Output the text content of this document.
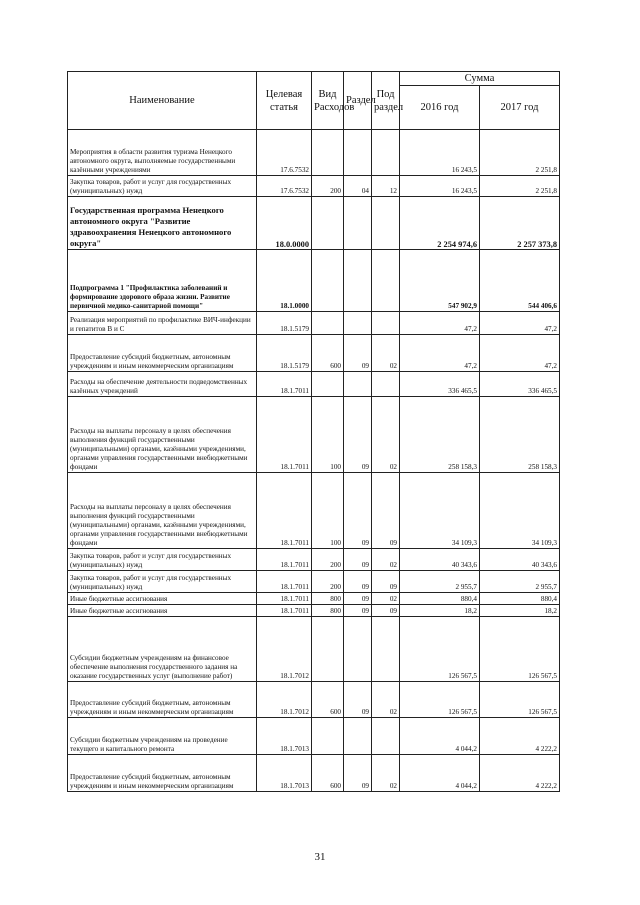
Наименование	Целевая статья	Вид Расходов	Раздел	Под раздел	Сумма	
					2016 год	2017 год
Мероприятия в области развития туризма Ненецкого автономного округа, выполняемые государственными казёнными учреждениями	17.6.7532				16 243,5	2 251,8
Закупка товаров, работ и услуг для государственных (муниципальных) нужд	17.6.7532	200	04	12	16 243,5	2 251,8
Государственная программа Ненецкого автономного округа "Развитие здравоохранения Ненецкого автономного округа"	18.0.0000				2 254 974,6	2 257 373,8
Подпрограмма 1 "Профилактика заболеваний и формирование здорового образа жизни. Развитие первичной медико-санитарной помощи"	18.1.0000				547 902,9	544 406,6
Реализация мероприятий по профилактике ВИЧ-инфекции и гепатитов В и С	18.1.5179				47,2	47,2
Предоставление субсидий бюджетным, автономным учреждениям и иным некоммерческим организациям	18.1.5179	600	09	02	47,2	47,2
Расходы на обеспечение деятельности подведомственных казённых учреждений	18.1.7011				336 465,5	336 465,5
Расходы на выплаты персоналу в целях обеспечения выполнения функций государственными (муниципальными) органами, казёнными учреждениями, органами управления государственными внебюджетными фондами	18.1.7011	100	09	02	258 158,3	258 158,3
Расходы на выплаты персоналу в целях обеспечения выполнения функций государственными (муниципальными) органами, казёнными учреждениями, органами управления государственными внебюджетными фондами	18.1.7011	100	09	09	34 109,3	34 109,3
Закупка товаров, работ и услуг для государственных (муниципальных) нужд	18.1.7011	200	09	02	40 343,6	40 343,6
Закупка товаров, работ и услуг для государственных (муниципальных) нужд	18.1.7011	200	09	09	2 955,7	2 955,7
Иные бюджетные ассигнования	18.1.7011	800	09	02	880,4	880,4
Иные бюджетные ассигнования	18.1.7011	800	09	09	18,2	18,2
Субсидии бюджетным учреждениям на финансовое обеспечение выполнения государственного задания на оказание государственных услуг (выполнение работ)	18.1.7012				126 567,5	126 567,5
Предоставление субсидий бюджетным, автономным учреждениям и иным некоммерческим организациям	18.1.7012	600	09	02	126 567,5	126 567,5
Субсидии бюджетным учреждениям на проведение текущего и капитального ремонта	18.1.7013				4 044,2	4 222,2
Предоставление субсидий бюджетным, автономным учреждениям и иным некоммерческим организациям	18.1.7013	600	09	02	4 044,2	4 222,2
31
